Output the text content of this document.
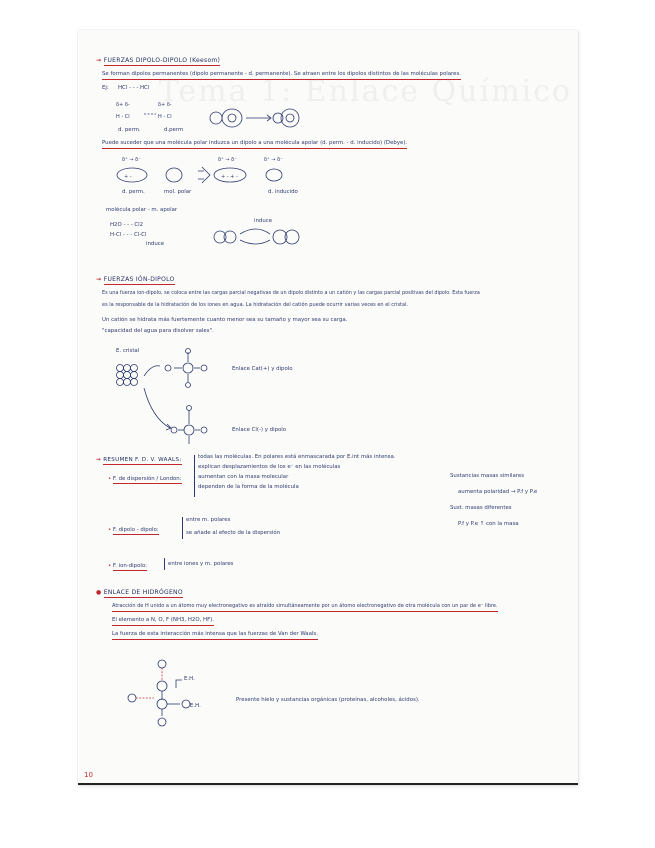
→ FUERZAS DIPOLO-DIPOLO (Keesom)

Se forman dipolos permanentes (dipolo permanente - d. permanente). Se atraen entre los dipolos distintos de las moléculas polares.

Ej: HCl - - - HCl

d. perm.	d.perm

δ+ δ-
H - Cl
δ+ δ-
H - Cl

Puede suceder que una molécula polar induzca un dipolo a una molécula apolar (d. perm. - d. inducido) (Debye).

δ⁺ → δ⁻
+ -
δ⁺ → δ⁻
+ - + -
δ⁺ → δ⁻

d. perm.	mol. polar	d. inducido

molécula polar - m. apolar

H2O - - - Cl2

H-Cl - - - Cl-Cl

induce

induce

→ FUERZAS IÓN-DIPOLO

Es una fuerza ion-dipolo, se coloca entre las cargas parcial negativas de un dipolo distinto a un catión y las cargas parcial positivas del dipolo. Esta fuerza

es la responsable de la hidratación de los iones en agua. La hidratación del catión puede ocurrir varias veces en el cristal.

Un catión se hidrata más fuertemente cuanto menor sea su tamaño y mayor sea su carga.

"capacidad del agua para disolver sales".

E. cristal

Enlace Cat(+) y dipolo

Enlace Cl(-) y dipolo

→ RESUMEN F. D. V. WAALS:

• F. de dispersión / London:

todas las moléculas. En polares está enmascarada por E.int más intensa.

explican desplazamientos de los e⁻ en las moléculas

aumentan con la masa molecular

dependen de la forma de la molécula

• F. dipolo - dipolo:

entre m. polares

se añade al efecto de la dispersión

• F. ion-dipolo:	entre iones y m. polares

Sustancias masas similares

aumenta polaridad → P.f y P.e

Sust. masas diferentes

P.f y P.e ↑ con la masa

● ENLACE DE HIDRÓGENO

Atracción de H unido a un átomo muy electronegativo es atraído simultáneamente por un átomo electronegativo de otra molécula con un par de e⁻ libre.

El elemento a N, O, F (NH3, H2O, HF).

La fuerza de esta interacción más intensa que las fuerzas de Van der Waals.

E.H.

E.H.

Presente hielo y sustancias orgánicas (proteínas, alcoholes, ácidos).

10
